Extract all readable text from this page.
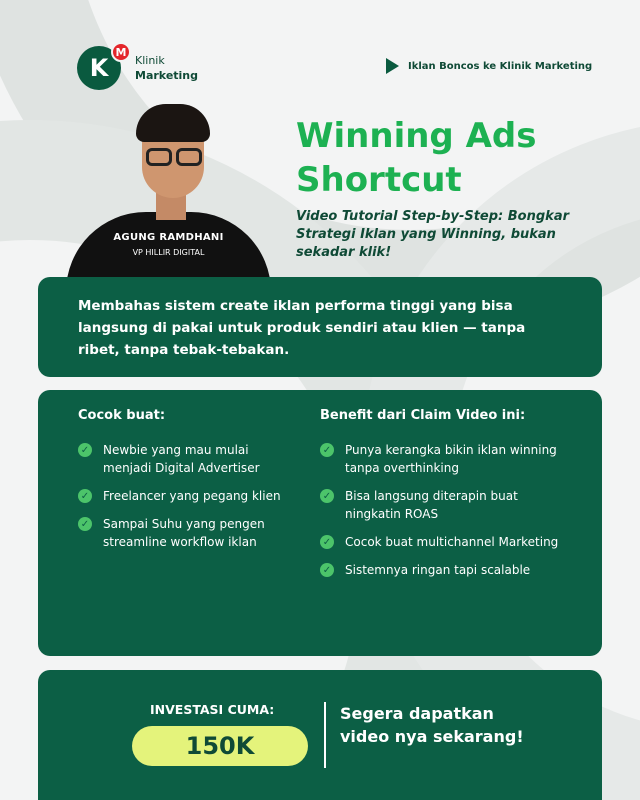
K
M
Klinik
Marketing
Iklan Boncos ke Klinik Marketing
AGUNG RAMDHANI
VP HILLIR DIGITAL
Winning Ads
Shortcut
Video Tutorial Step-by-Step: Bongkar Strategi Iklan yang Winning, bukan sekadar klik!

Membahas sistem create iklan performa tinggi yang bisa langsung di pakai untuk produk sendiri atau klien — tanpa ribet, tanpa tebak-tebakan.

Cocok buat:
✓ Newbie yang mau mulai menjadi Digital Advertiser
✓ Freelancer yang pegang klien
✓ Sampai Suhu yang pengen streamline workflow iklan
Benefit dari Claim Video ini:
✓ Punya kerangka bikin iklan winning tanpa overthinking
✓ Bisa langsung diterapin buat ningkatin ROAS
✓ Cocok buat multichannel Marketing
✓ Sistemnya ringan tapi scalable
INVESTASI CUMA:
150K
Segera dapatkan video nya sekarang!
